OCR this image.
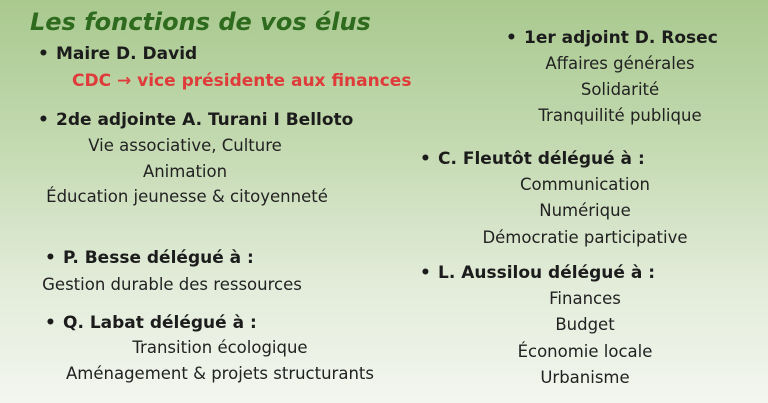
Les fonctions de vos élus
• Maire D. David
CDC → vice présidente aux finances
• 2de adjointe A. Turani I Belloto
Vie associative, Culture
Animation
Éducation jeunesse & citoyenneté
• P. Besse délégué à :
Gestion durable des ressources
• Q. Labat délégué à :
Transition écologique
Aménagement & projets structurants
• 1er adjoint D. Rosec
Affaires générales
Solidarité
Tranquilité publique
• C. Fleutôt délégué à :
Communication
Numérique
Démocratie participative
• L. Aussilou délégué à :
Finances
Budget
Économie locale
Urbanisme
